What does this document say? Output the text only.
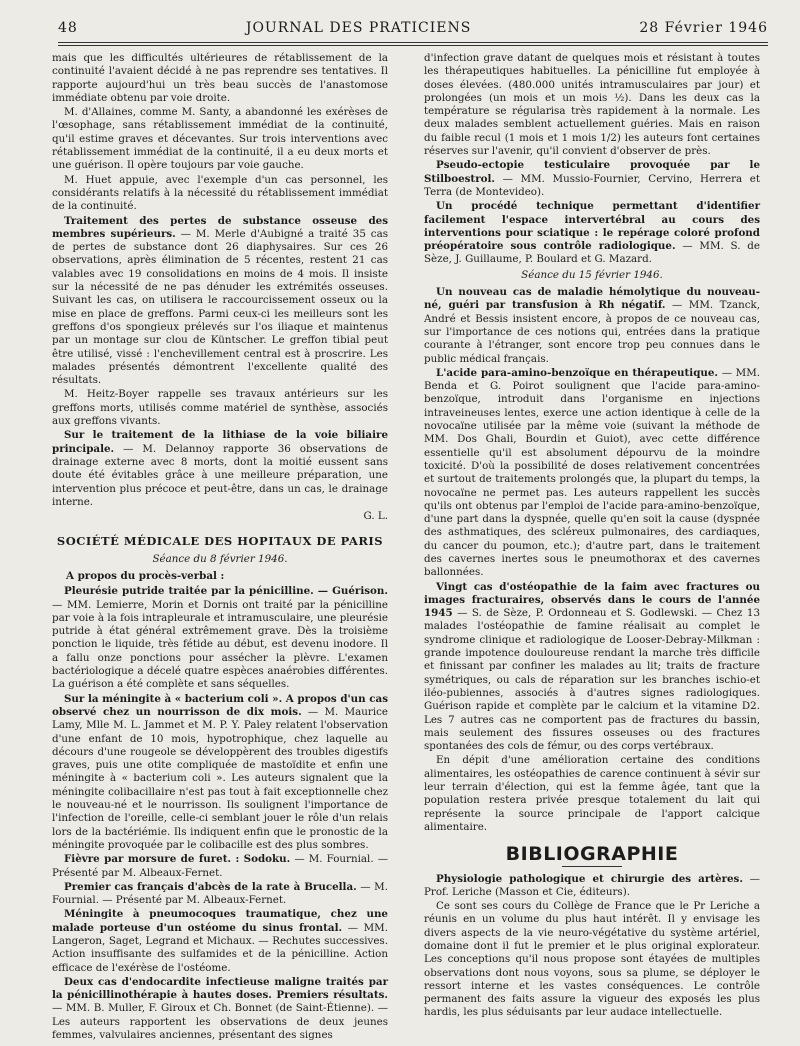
48	JOURNAL DES PRATICIENS	28 Février 1946

mais que les difficultés ultérieures de rétablissement de la continuité l'avaient décidé à ne pas reprendre ses tentatives. Il rapporte aujourd'hui un très beau succès de l'anastomose immédiate obtenu par voie droite.

M. d'Allaines, comme M. Santy, a abandonné les exérèses de l'œsophage, sans rétablissement immédiat de la continuité, qu'il estime graves et décevantes. Sur trois interventions avec rétablissement immédiat de la continuité, il a eu deux morts et une guérison. Il opère toujours par voie gauche.

M. Huet appuie, avec l'exemple d'un cas personnel, les considérants relatifs à la nécessité du rétablissement immédiat de la continuité.

Traitement des pertes de substance osseuse des membres supérieurs. — M. Merle d'Aubigné a traité 35 cas de pertes de substance dont 26 diaphysaires. Sur ces 26 observations, après élimination de 5 récentes, restent 21 cas valables avec 19 consolidations en moins de 4 mois. Il insiste sur la nécessité de ne pas dénuder les extrémités osseuses. Suivant les cas, on utilisera le raccourcissement osseux ou la mise en place de greffons. Parmi ceux-ci les meilleurs sont les greffons d'os spongieux prélevés sur l'os iliaque et maintenus par un montage sur clou de Küntscher. Le greffon tibial peut être utilisé, vissé : l'enchevillement central est à proscrire. Les malades présentés démontrent l'excellente qualité des résultats.

M. Heitz-Boyer rappelle ses travaux antérieurs sur les greffons morts, utilisés comme matériel de synthèse, associés aux greffons vivants.

Sur le traitement de la lithiase de la voie biliaire principale. — M. Delannoy rapporte 36 observations de drainage externe avec 8 morts, dont la moitié eussent sans doute été évitables grâce à une meilleure préparation, une intervention plus précoce et peut-être, dans un cas, le drainage interne.

G. L.

SOCIÉTÉ MÉDICALE DES HOPITAUX DE PARIS

Séance du 8 février 1946.

A propos du procès-verbal :

Pleurésie putride traitée par la pénicilline. — Guérison. — MM. Lemierre, Morin et Dornis ont traité par la pénicilline par voie à la fois intrapleurale et intramusculaire, une pleurésie putride à état général extrêmement grave. Dès la troisième ponction le liquide, très fétide au début, est devenu inodore. Il a fallu onze ponctions pour assécher la plèvre. L'examen bactériologique a décelé quatre espèces anaérobies différentes. La guérison a été complète et sans séquelles.

Sur la méningite à « bacterium coli ». A propos d'un cas observé chez un nourrisson de dix mois. — M. Maurice Lamy, Mlle M. L. Jammet et M. P. Y. Paley relatent l'observation d'une enfant de 10 mois, hypotrophique, chez laquelle au décours d'une rougeole se développèrent des troubles digestifs graves, puis une otite compliquée de mastoïdite et enfin une méningite à « bacterium coli ». Les auteurs signalent que la méningite colibacillaire n'est pas tout à fait exceptionnelle chez le nouveau-né et le nourrisson. Ils soulignent l'importance de l'infection de l'oreille, celle-ci semblant jouer le rôle d'un relais lors de la bactériémie. Ils indiquent enfin que le pronostic de la méningite provoquée par le colibacille est des plus sombres.

Fièvre par morsure de furet. : Sodoku. — M. Fournial. — Présenté par M. Albeaux-Fernet.

Premier cas français d'abcès de la rate à Brucella. — M. Fournial. — Présenté par M. Albeaux-Fernet.

Méningite à pneumocoques traumatique, chez une malade porteuse d'un ostéome du sinus frontal. — MM. Langeron, Saget, Legrand et Michaux. — Rechutes successives. Action insuffisante des sulfamides et de la pénicilline. Action efficace de l'exérèse de l'ostéome.

Deux cas d'endocardite infectieuse maligne traités par la pénicillinothérapie à hautes doses. Premiers résultats. — MM. B. Muller, F. Giroux et Ch. Bonnet (de Saint-Étienne). — Les auteurs rapportent les observations de deux jeunes femmes, valvulaires anciennes, présentant des signes

d'infection grave datant de quelques mois et résistant à toutes les thérapeutiques habituelles. La pénicilline fut employée à doses élevées. (480.000 unités intramusculaires par jour) et prolongées (un mois et un mois ½). Dans les deux cas la température se régularisa très rapidement à la normale. Les deux malades semblent actuellement guéries. Mais en raison du faible recul (1 mois et 1 mois 1/2) les auteurs font certaines réserves sur l'avenir, qu'il convient d'observer de près.

Pseudo-ectopie testiculaire provoquée par le Stilboestrol. — MM. Mussio-Fournier, Cervino, Herrera et Terra (de Montevideo).

Un procédé technique permettant d'identifier facilement l'espace intervertébral au cours des interventions pour sciatique : le repérage coloré profond préopératoire sous contrôle radiologique. — MM. S. de Sèze, J. Guillaume, P. Boulard et G. Mazard.

Séance du 15 février 1946.

Un nouveau cas de maladie hémolytique du nouveau-né, guéri par transfusion à Rh négatif. — MM. Tzanck, André et Bessis insistent encore, à propos de ce nouveau cas, sur l'importance de ces notions qui, entrées dans la pratique courante à l'étranger, sont encore trop peu connues dans le public médical français.

L'acide para-amino-benzoïque en thérapeutique. — MM. Benda et G. Poirot soulignent que l'acide para-amino-benzoïque, introduit dans l'organisme en injections intraveineuses lentes, exerce une action identique à celle de la novocaïne utilisée par la même voie (suivant la méthode de MM. Dos Ghali, Bourdin et Guiot), avec cette différence essentielle qu'il est absolument dépourvu de la moindre toxicité. D'où la possibilité de doses relativement concentrées et surtout de traitements prolongés que, la plupart du temps, la novocaïne ne permet pas. Les auteurs rappellent les succès qu'ils ont obtenus par l'emploi de l'acide para-amino-benzoïque, d'une part dans la dyspnée, quelle qu'en soit la cause (dyspnée des asthmatiques, des scléreux pulmonaires, des cardiaques, du cancer du poumon, etc.); d'autre part, dans le traitement des cavernes inertes sous le pneumothorax et des cavernes ballonnées.

Vingt cas d'ostéopathie de la faim avec fractures ou images fracturaires, observés dans le cours de l'année 1945 — S. de Sèze, P. Ordonneau et S. Godlewski. — Chez 13 malades l'ostéopathie de famine réalisait au complet le syndrome clinique et radiologique de Looser-Debray-Milkman : grande impotence douloureuse rendant la marche très difficile et finissant par confiner les malades au lit; traits de fracture symétriques, ou cals de réparation sur les branches ischio-et iléo-pubiennes, associés à d'autres signes radiologiques. Guérison rapide et complète par le calcium et la vitamine D2. Les 7 autres cas ne comportent pas de fractures du bassin, mais seulement des fissures osseuses ou des fractures spontanées des cols de fémur, ou des corps vertébraux.

En dépit d'une amélioration certaine des conditions alimentaires, les ostéopathies de carence continuent à sévir sur leur terrain d'élection, qui est la femme âgée, tant que la population restera privée presque totalement du lait qui représente la source principale de l'apport calcique alimentaire.

BIBLIOGRAPHIE

Physiologie pathologique et chirurgie des artères. — Prof. Leriche (Masson et Cie, éditeurs).

Ce sont ses cours du Collège de France que le Pr Leriche a réunis en un volume du plus haut intérêt. Il y envisage les divers aspects de la vie neuro-végétative du système artériel, domaine dont il fut le premier et le plus original explorateur. Les conceptions qu'il nous propose sont étayées de multiples observations dont nous voyons, sous sa plume, se déployer le ressort interne et les vastes conséquences. Le contrôle permanent des faits assure la vigueur des exposés les plus hardis, les plus séduisants par leur audace intellectuelle.
